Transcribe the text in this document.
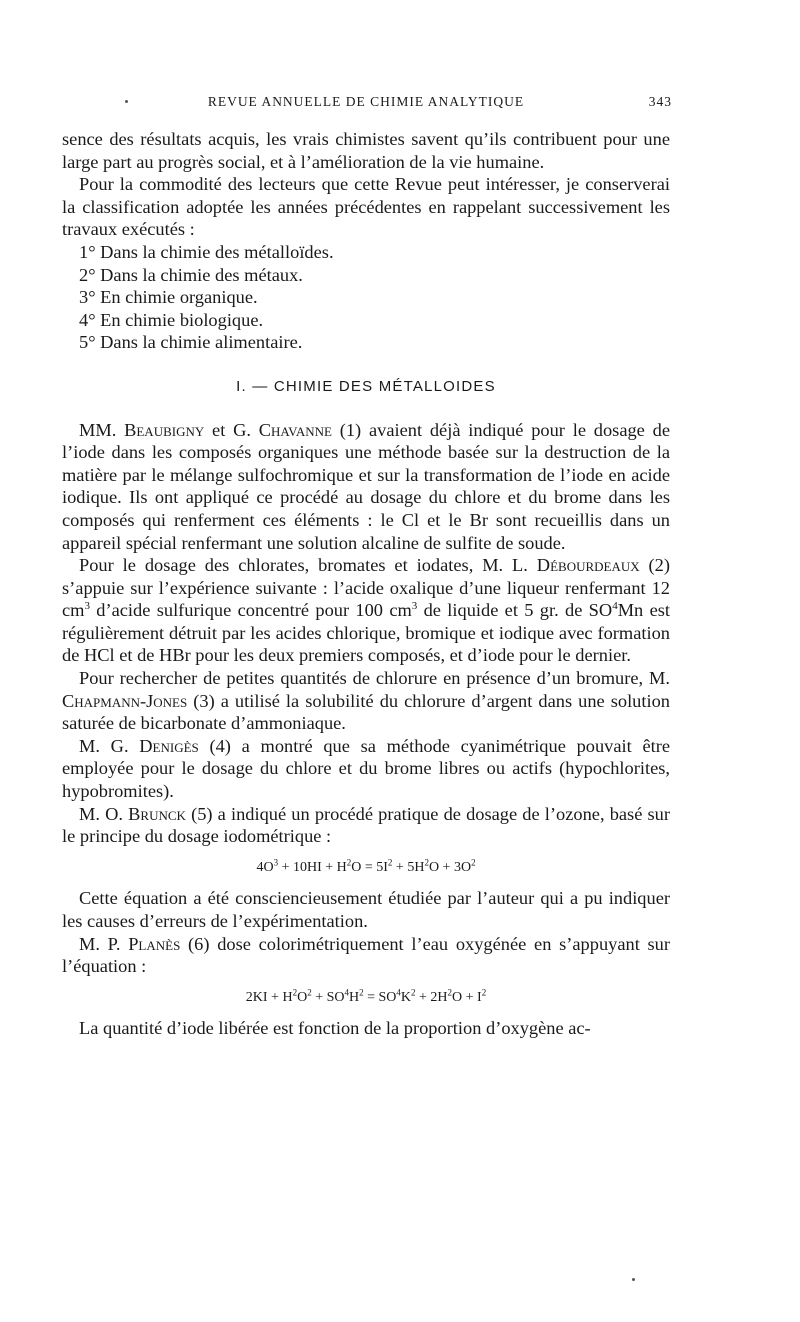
REVUE ANNUELLE DE CHIMIE ANALYTIQUE	343

sence des résultats acquis, les vrais chimistes savent qu’ils contribuent pour une large part au progrès social, et à l’amélioration de la vie humaine.

Pour la commodité des lecteurs que cette Revue peut intéresser, je conserverai la classification adoptée les années précédentes en rappelant successivement les travaux exécutés :

1° Dans la chimie des métalloïdes.

2° Dans la chimie des métaux.

3° En chimie organique.

4° En chimie biologique.

5° Dans la chimie alimentaire.

I. — CHIMIE DES MÉTALLOIDES

MM. Beaubigny et G. Chavanne (1) avaient déjà indiqué pour le dosage de l’iode dans les composés organiques une méthode basée sur la destruction de la matière par le mélange sulfochromique et sur la transformation de l’iode en acide iodique. Ils ont appliqué ce procédé au dosage du chlore et du brome dans les composés qui renferment ces éléments : le Cl et le Br sont recueillis dans un appareil spécial renfermant une solution alcaline de sulfite de soude.

Pour le dosage des chlorates, bromates et iodates, M. L. Débourdeaux (2) s’appuie sur l’expérience suivante : l’acide oxalique d’une liqueur renfermant 12 $cm^3$ d’acide sulfurique concentré pour 100 $cm^3$ de liquide et 5 gr. de $SO^4Mn$ est régulièrement détruit par les acides chlorique, bromique et iodique avec formation de HCl et de HBr pour les deux premiers composés, et d’iode pour le dernier.

Pour rechercher de petites quantités de chlorure en présence d’un bromure, M. Chapmann-Jones (3) a utilisé la solubilité du chlorure d’argent dans une solution saturée de bicarbonate d’ammoniaque.

M. G. Denigès (4) a montré que sa méthode cyanimétrique pouvait être employée pour le dosage du chlore et du brome libres ou actifs (hypochlorites, hypobromites).

M. O. Brunck (5) a indiqué un procédé pratique de dosage de l’ozone, basé sur le principe du dosage iodométrique :

$4O^3 + 10HI + H^2O = 5I^2 + 5H^2O + 3O^2$

Cette équation a été consciencieusement étudiée par l’auteur qui a pu indiquer les causes d’erreurs de l’expérimentation.

M. P. Planès (6) dose colorimétriquement l’eau oxygénée en s’appuyant sur l’équation :

$2KI + H^2O^2 + SO^4H^2 = SO^4K^2 + 2H^2O + I^2$

La quantité d’iode libérée est fonction de la proportion d’oxygène ac-
